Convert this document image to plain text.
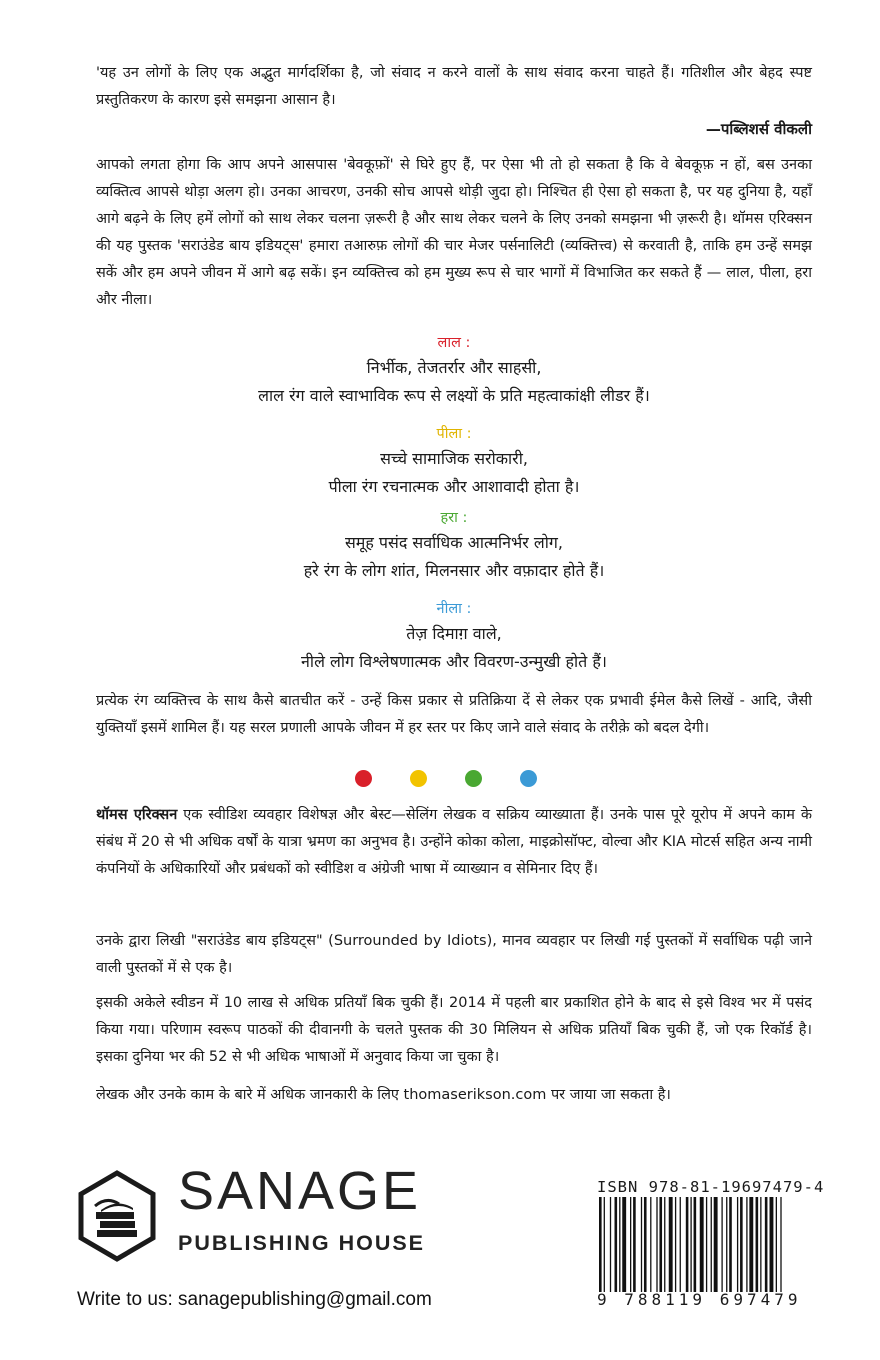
'यह उन लोगों के लिए एक अद्भुत मार्गदर्शिका है, जो संवाद न करने वालों के साथ संवाद करना चाहते हैं। गतिशील और बेहद स्पष्ट प्रस्तुतिकरण के कारण इसे समझना आसान है।

—पब्लिशर्स वीकली

आपको लगता होगा कि आप अपने आसपास 'बेवकूफ़ों' से घिरे हुए हैं, पर ऐसा भी तो हो सकता है कि वे बेवकूफ़ न हों, बस उनका व्यक्तित्व आपसे थोड़ा अलग हो। उनका आचरण, उनकी सोच आपसे थोड़ी जुदा हो। निश्चित ही ऐसा हो सकता है, पर यह दुनिया है, यहाँ आगे बढ़ने के लिए हमें लोगों को साथ लेकर चलना ज़रूरी है और साथ लेकर चलने के लिए उनको समझना भी ज़रूरी है। थॉमस एरिक्सन की यह पुस्तक 'सराउंडेड बाय इडियट्स' हमारा तआरुफ़ लोगों की चार मेजर पर्सनालिटी (व्यक्तित्त्व) से करवाती है, ताकि हम उन्हें समझ सकें और हम अपने जीवन में आगे बढ़ सकें। इन व्यक्तित्त्व को हम मुख्य रूप से चार भागों में विभाजित कर सकते हैं — लाल, पीला, हरा और नीला।

लाल :
निर्भीक, तेजतर्रार और साहसी,
लाल रंग वाले स्वाभाविक रूप से लक्ष्यों के प्रति महत्वाकांक्षी लीडर हैं।
पीला :
सच्चे सामाजिक सरोकारी,
पीला रंग रचनात्मक और आशावादी होता है।
हरा :
समूह पसंद सर्वाधिक आत्मनिर्भर लोग,
हरे रंग के लोग शांत, मिलनसार और वफ़ादार होते हैं।
नीला :
तेज़ दिमाग़ वाले,
नीले लोग विश्लेषणात्मक और विवरण-उन्मुखी होते हैं।

प्रत्येक रंग व्यक्तित्त्व के साथ कैसे बातचीत करें - उन्हें किस प्रकार से प्रतिक्रिया दें से लेकर एक प्रभावी ईमेल कैसे लिखें - आदि, जैसी युक्तियाँ इसमें शामिल हैं। यह सरल प्रणाली आपके जीवन में हर स्तर पर किए जाने वाले संवाद के तरीक़े को बदल देगी।

थॉमस एरिक्सन एक स्वीडिश व्यवहार विशेषज्ञ और बेस्ट—सेलिंग लेखक व सक्रिय व्याख्याता हैं। उनके पास पूरे यूरोप में अपने काम के संबंध में 20 से भी अधिक वर्षों के यात्रा भ्रमण का अनुभव है। उन्होंने कोका कोला, माइक्रोसॉफ्ट, वोल्वा और KIA मोटर्स सहित अन्य नामी कंपनियों के अधिकारियों और प्रबंधकों को स्वीडिश व अंग्रेजी भाषा में व्याख्यान व सेमिनार दिए हैं।

उनके द्वारा लिखी "सराउंडेड बाय इडियट्स" (Surrounded by Idiots), मानव व्यवहार पर लिखी गई पुस्तकों में सर्वाधिक पढ़ी जाने वाली पुस्तकों में से एक है।

इसकी अकेले स्वीडन में 10 लाख से अधिक प्रतियाँ बिक चुकी हैं। 2014 में पहली बार प्रकाशित होने के बाद से इसे विश्व भर में पसंद किया गया। परिणाम स्वरूप पाठकों की दीवानगी के चलते पुस्तक की 30 मिलियन से अधिक प्रतियाँ बिक चुकी हैं, जो एक रिकॉर्ड है। इसका दुनिया भर की 52 से भी अधिक भाषाओं में अनुवाद किया जा चुका है।

लेखक और उनके काम के बारे में अधिक जानकारी के लिए thomaserikson.com पर जाया जा सकता है।

SANAGE
PUBLISHING HOUSE
Write to us: sanagepublishing@gmail.com
ISBN 978-81-19697479-4
9 788119 697479
